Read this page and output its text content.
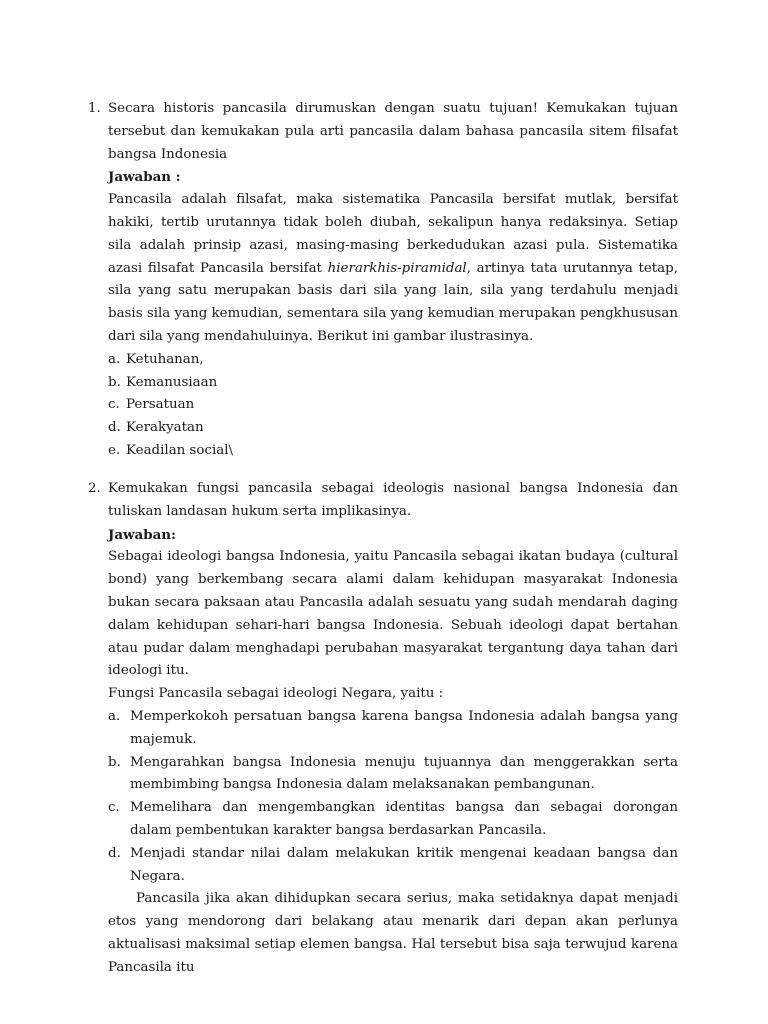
1. Secara historis pancasila dirumuskan dengan suatu tujuan! Kemukakan tujuan tersebut dan kemukakan pula arti pancasila dalam bahasa pancasila sitem filsafat bangsa Indonesia

Jawaban :

Pancasila adalah filsafat, maka sistematika Pancasila bersifat mutlak, bersifat hakiki, tertib urutannya tidak boleh diubah, sekalipun hanya redaksinya. Setiap sila adalah prinsip azasi, masing-masing berkedudukan azasi pula. Sistematika azasi filsafat Pancasila bersifat hierarkhis-piramidal, artinya tata urutannya tetap, sila yang satu merupakan basis dari sila yang lain, sila yang terdahulu menjadi basis sila yang kemudian, sementara sila yang kemudian merupakan pengkhususan dari sila yang mendahuluinya. Berikut ini gambar ilustrasinya.

a. Ketuhanan,
b. Kemanusiaan
c. Persatuan
d. Kerakyatan
e. Keadilan social\
2. Kemukakan fungsi pancasila sebagai ideologis nasional bangsa Indonesia dan tuliskan landasan hukum serta implikasinya.

Jawaban:

Sebagai ideologi bangsa Indonesia, yaitu Pancasila sebagai ikatan budaya (cultural bond) yang berkembang secara alami dalam kehidupan masyarakat Indonesia bukan secara paksaan atau Pancasila adalah sesuatu yang sudah mendarah daging dalam kehidupan sehari-hari bangsa Indonesia. Sebuah ideologi dapat bertahan atau pudar dalam menghadapi perubahan masyarakat tergantung daya tahan dari ideologi itu.

Fungsi Pancasila sebagai ideologi Negara, yaitu :

a. Memperkokoh persatuan bangsa karena bangsa Indonesia adalah bangsa yang majemuk.
b. Mengarahkan bangsa Indonesia menuju tujuannya dan menggerakkan serta membimbing bangsa Indonesia dalam melaksanakan pembangunan.
c. Memelihara dan mengembangkan identitas bangsa dan sebagai dorongan dalam pembentukan karakter bangsa berdasarkan Pancasila.
d. Menjadi standar nilai dalam melakukan kritik mengenai keadaan bangsa dan Negara.

Pancasila jika akan dihidupkan secara serius, maka setidaknya dapat menjadi etos yang mendorong dari belakang atau menarik dari depan akan perlunya aktualisasi maksimal setiap elemen bangsa. Hal tersebut bisa saja terwujud karena Pancasila itu
